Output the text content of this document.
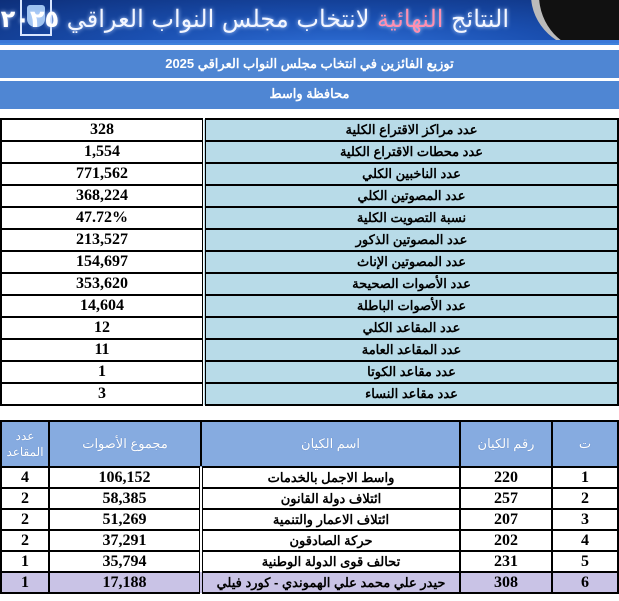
النتائج النهائية لانتخاب مجلس النواب العراقي ٢٠٢٥
توزيع الفائزين في انتخاب مجلس النواب العراقي 2025
محافظة واسط
328	عدد مراكز الاقتراع الكلية
1,554	عدد محطات الاقتراع الكلية
771,562	عدد الناخبين الكلي
368,224	عدد المصوتين الكلي
47.72%	نسبة التصويت الكلية
213,527	عدد المصوتين الذكور
154,697	عدد المصوتين الإناث
353,620	عدد الأصوات الصحيحة
14,604	عدد الأصوات الباطلة
12	عدد المقاعد الكلي
11	عدد المقاعد العامة
1	عدد مقاعد الكوتا
3	عدد مقاعد النساء
عدد المقاعد	مجموع الأصوات	اسم الكيان	رقم الكيان	ت
4	106,152	واسط الاجمل بالخدمات	220	1
2	58,385	ائتلاف دولة القانون	257	2
2	51,269	ائتلاف الاعمار والتنمية	207	3
2	37,291	حركة الصادقون	202	4
1	35,794	تحالف قوى الدولة الوطنية	231	5
1	17,188	حيدر علي محمد علي الهموندي - كورد فيلي	308	6
